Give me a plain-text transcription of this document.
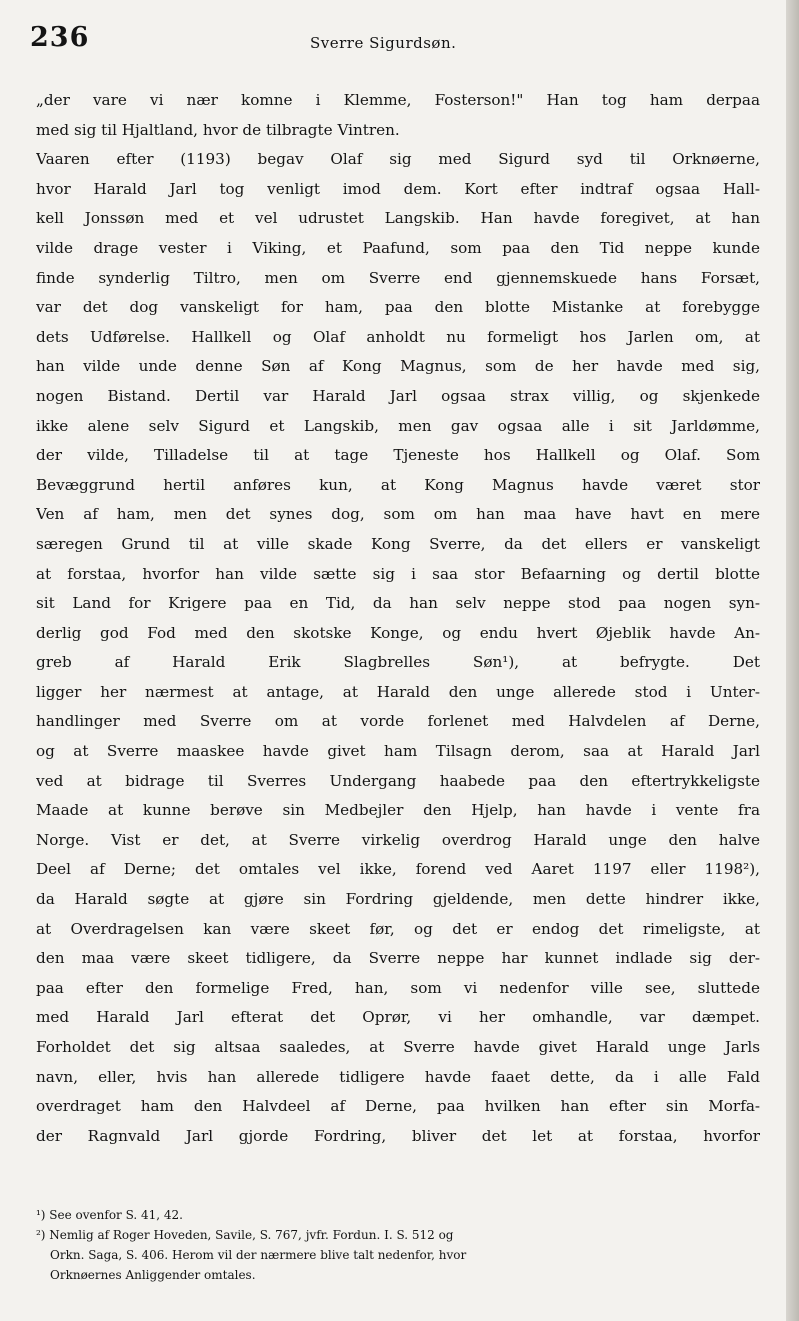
236	Sverre Sigurdsøn.
„der vare vi nær komne i Klemme, Fosterson!" Han tog ham derpaa
med sig til Hjaltland, hvor de tilbragte Vintren.
Vaaren efter (1193) begav Olaf sig med Sigurd syd til Orknøerne,
hvor Harald Jarl tog venligt imod dem. Kort efter indtraf ogsaa Hall-
kell Jonssøn med et vel udrustet Langskib. Han havde foregivet, at han
vilde drage vester i Viking, et Paafund, som paa den Tid neppe kunde
finde synderlig Tiltro, men om Sverre end gjennemskuede hans Forsæt,
var det dog vanskeligt for ham, paa den blotte Mistanke at forebygge
dets Udførelse. Hallkell og Olaf anholdt nu formeligt hos Jarlen om, at
han vilde unde denne Søn af Kong Magnus, som de her havde med sig,
nogen Bistand. Dertil var Harald Jarl ogsaa strax villig, og skjenkede
ikke alene selv Sigurd et Langskib, men gav ogsaa alle i sit Jarldømme,
der vilde, Tilladelse til at tage Tjeneste hos Hallkell og Olaf. Som
Bevæggrund hertil anføres kun, at Kong Magnus havde været stor
Ven af ham, men det synes dog, som om han maa have havt en mere
særegen Grund til at ville skade Kong Sverre, da det ellers er vanskeligt
at forstaa, hvorfor han vilde sætte sig i saa stor Befaarning og dertil blotte
sit Land for Krigere paa en Tid, da han selv neppe stod paa nogen syn-
derlig god Fod med den skotske Konge, og endu hvert Øjeblik havde An-
greb af Harald Erik Slagbrelles Søn¹), at befrygte. Det
ligger her nærmest at antage, at Harald den unge allerede stod i Unter-
handlinger med Sverre om at vorde forlenet med Halvdelen af Derne,
og at Sverre maaskee havde givet ham Tilsagn derom, saa at Harald Jarl
ved at bidrage til Sverres Undergang haabede paa den eftertrykkeligste
Maade at kunne berøve sin Medbejler den Hjelp, han havde i vente fra
Norge. Vist er det, at Sverre virkelig overdrog Harald unge den halve
Deel af Derne; det omtales vel ikke, forend ved Aaret 1197 eller 1198²),
da Harald søgte at gjøre sin Fordring gjeldende, men dette hindrer ikke,
at Overdragelsen kan være skeet før, og det er endog det rimeligste, at
den maa være skeet tidligere, da Sverre neppe har kunnet indlade sig der-
paa efter den formelige Fred, han, som vi nedenfor ville see, sluttede
med Harald Jarl efterat det Oprør, vi her omhandle, var dæmpet.
Forholdet det sig altsaa saaledes, at Sverre havde givet Harald unge Jarls
navn, eller, hvis han allerede tidligere havde faaet dette, da i alle Fald
overdraget ham den Halvdeel af Derne, paa hvilken han efter sin Morfa-
der Ragnvald Jarl gjorde Fordring, bliver det let at forstaa, hvorfor
¹) See ovenfor S. 41, 42.
²) Nemlig af Roger Hoveden, Savile, S. 767, jvfr. Fordun. I. S. 512 og
Orkn. Saga, S. 406. Herom vil der nærmere blive talt nedenfor, hvor
Orknøernes Anliggender omtales.
